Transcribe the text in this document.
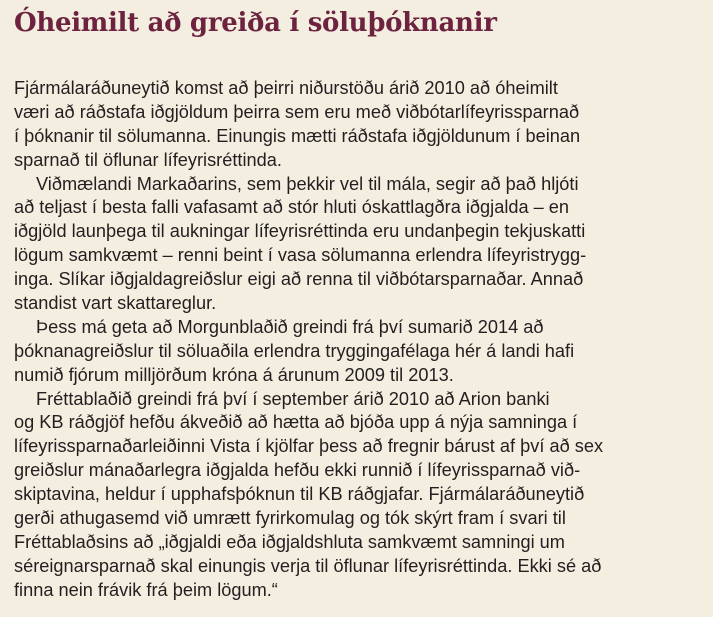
Óheimilt að greiða í söluþóknanir
Fjármálaráðuneytið komst að þeirri niðurstöðu árið 2010 að óheimilt
væri að ráðstafa iðgjöldum þeirra sem eru með viðbótarlífeyrissparnað
í þóknanir til sölumanna. Einungis mætti ráðstafa iðgjöldunum í beinan
sparnað til öflunar lífeyrisréttinda.
Viðmælandi Markaðarins, sem þekkir vel til mála, segir að það hljóti
að teljast í besta falli vafasamt að stór hluti óskattlagðra iðgjalda – en
iðgjöld launþega til aukningar lífeyrisréttinda eru undanþegin tekjuskatti
lögum samkvæmt – renni beint í vasa sölumanna erlendra lífeyristrygg-
inga. Slíkar iðgjaldagreiðslur eigi að renna til viðbótarsparnaðar. Annað
standist vart skattareglur.
Þess má geta að Morgunblaðið greindi frá því sumarið 2014 að
þóknanagreiðslur til söluaðila erlendra tryggingafélaga hér á landi hafi
numið fjórum milljörðum króna á árunum 2009 til 2013.
Fréttablaðið greindi frá því í september árið 2010 að Arion banki
og KB ráðgjöf hefðu ákveðið að hætta að bjóða upp á nýja samninga í
lífeyrissparnaðarleiðinni Vista í kjölfar þess að fregnir bárust af því að sex
greiðslur mánaðarlegra iðgjalda hefðu ekki runnið í lífeyrissparnað við-
skiptavina, heldur í upphafsþóknun til KB ráðgjafar. Fjármálaráðuneytið
gerði athugasemd við umrætt fyrirkomulag og tók skýrt fram í svari til
Fréttablaðsins að „iðgjaldi eða iðgjaldshluta samkvæmt samningi um
séreignarsparnað skal einungis verja til öflunar lífeyrisréttinda. Ekki sé að
finna nein frávik frá þeim lögum.“
